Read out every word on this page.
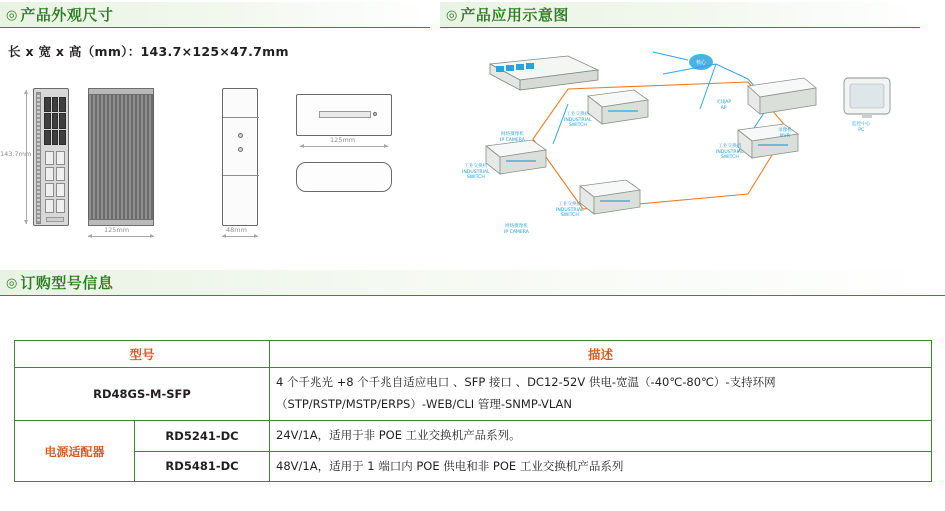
◎ 产品外观尺寸	◎ 产品应用示意图
长 x 宽 x 高（mm）：143.7×125×47.7mm
143.7mm
125mm	48mm
125mm
核心
工业交换机
INDUSTRIAL
SWITCH
工业交换机
INDUSTRIAL
SWITCH
工业交换机
INDUSTRIAL
SWITCH
工业交换机
INDUSTRIAL
SWITCH
网络摄像机
IP CAMERA
网络摄像机
IP CAMERA
无线AP
AP
录像机
NVR
监控中心
PC
◎ 订购型号信息
型号		描述
RD48GS-M-SFP		4 个千兆光 +8 个千兆自适应电口 、SFP 接口 、DC12-52V 供电-宽温（-40℃-80℃）-支持环网（STP/RSTP/MSTP/ERPS）-WEB/CLI 管理-SNMP-VLAN
电源适配器	RD5241-DC	24V/1A，适用于非 POE 工业交换机产品系列。
	RD5481-DC	48V/1A，适用于 1 端口内 POE 供电和非 POE 工业交换机产品系列
